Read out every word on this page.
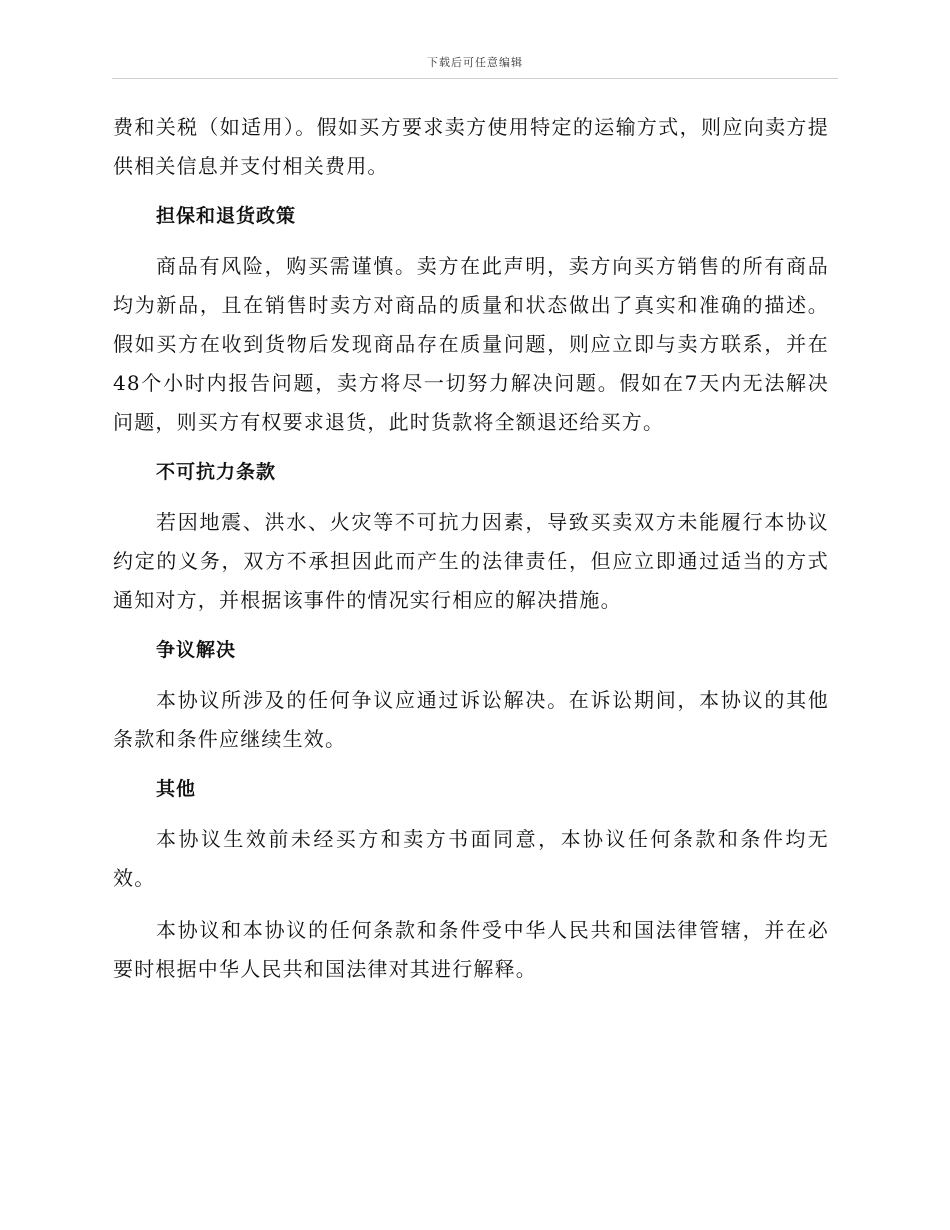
下载后可任意编辑

费和关税（如适用）。假如买方要求卖方使用特定的运输方式，则应向卖方提供相关信息并支付相关费用。

担保和退货政策

商品有风险，购买需谨慎。卖方在此声明，卖方向买方销售的所有商品均为新品，且在销售时卖方对商品的质量和状态做出了真实和准确的描述。假如买方在收到货物后发现商品存在质量问题，则应立即与卖方联系，并在48个小时内报告问题，卖方将尽一切努力解决问题。假如在7天内无法解决问题，则买方有权要求退货，此时货款将全额退还给买方。

不可抗力条款

若因地震、洪水、火灾等不可抗力因素，导致买卖双方未能履行本协议约定的义务，双方不承担因此而产生的法律责任，但应立即通过适当的方式通知对方，并根据该事件的情况实行相应的解决措施。

争议解决

本协议所涉及的任何争议应通过诉讼解决。在诉讼期间，本协议的其他条款和条件应继续生效。

其他

本协议生效前未经买方和卖方书面同意，本协议任何条款和条件均无效。

本协议和本协议的任何条款和条件受中华人民共和国法律管辖，并在必要时根据中华人民共和国法律对其进行解释。
